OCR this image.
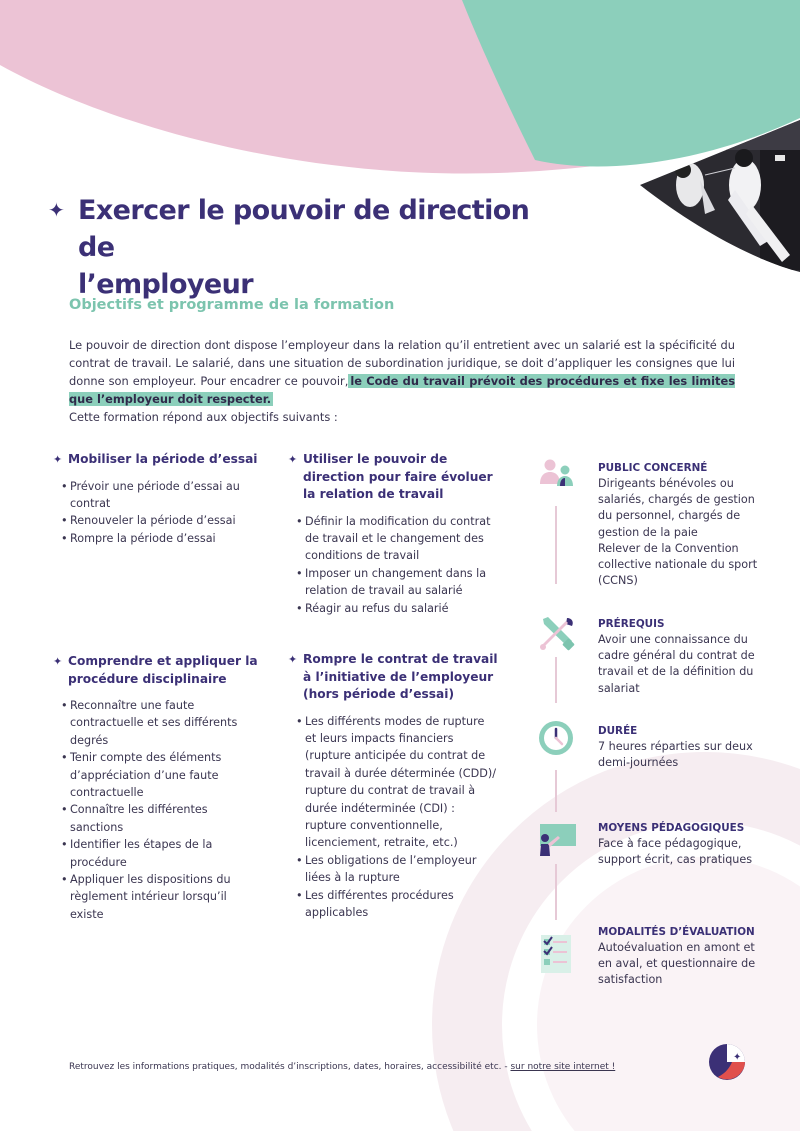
✦ Exercer le pouvoir de direction de
l’employeur
Objectifs et programme de la formation
Le pouvoir de direction dont dispose l’employeur dans la relation qu’il entretient avec un salarié est la spécificité du contrat de travail. Le salarié, dans une situation de subordination juridique, se doit d’appliquer les consignes que lui donne son employeur. Pour encadrer ce pouvoir, le Code du travail prévoit des procédures et fixe les limites que l’employeur doit respecter.
Cette formation répond aux objectifs suivants :
✦ Mobiliser la période d’essai
• Prévoir une période d’essai au contrat
• Renouveler la période d’essai
• Rompre la période d’essai
✦ Utiliser le pouvoir de direction pour faire évoluer la relation de travail
• Définir la modification du contrat de travail et le changement des conditions de travail
• Imposer un changement dans la relation de travail au salarié
• Réagir au refus du salarié
✦ Comprendre et appliquer la procédure disciplinaire
• Reconnaître une faute contractuelle et ses différents degrés
• Tenir compte des éléments d’appréciation d’une faute contractuelle
• Connaître les différentes sanctions
• Identifier les étapes de la procédure
• Appliquer les dispositions du règlement intérieur lorsqu’il existe
✦ Rompre le contrat de travail à l’initiative de l’employeur (hors période d’essai)
• Les différents modes de rupture et leurs impacts financiers (rupture anticipée du contrat de travail à durée déterminée (CDD)/ rupture du contrat de travail à durée indéterminée (CDI) : rupture conventionnelle, licenciement, retraite, etc.)
• Les obligations de l’employeur liées à la rupture
• Les différentes procédures applicables
PUBLIC CONCERNÉ

Dirigeants bénévoles ou salariés, chargés de gestion du personnel, chargés de gestion de la paie

Relever de la Convention collective nationale du sport (CCNS)

PRÉREQUIS

Avoir une connaissance du cadre général du contrat de travail et de la définition du salariat

DURÉE

7 heures réparties sur deux demi-journées

MOYENS PÉDAGOGIQUES

Face à face pédagogique, support écrit, cas pratiques

MODALITÉS D’ÉVALUATION

Autoévaluation en amont et en aval, et questionnaire de satisfaction

Retrouvez les informations pratiques, modalités d’inscriptions, dates, horaires, accessibilité etc. - sur notre site internet !
✦
